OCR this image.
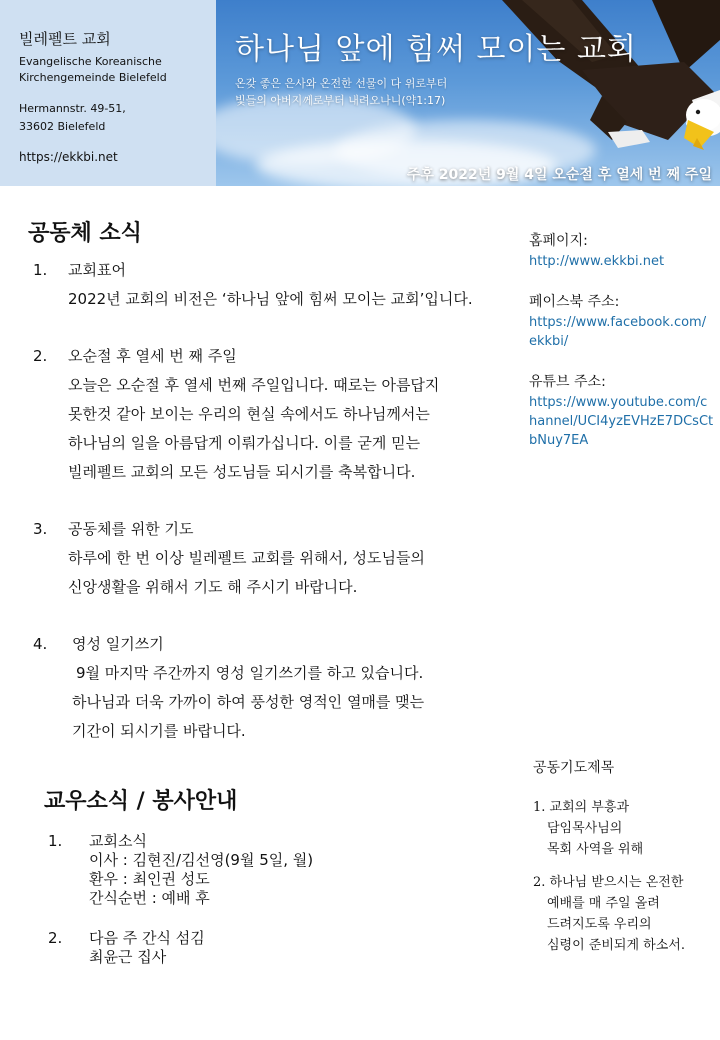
빌레펠트 교회
Evangelische Koreanische
Kirchengemeinde Bielefeld
Hermannstr. 49-51,
33602 Bielefeld
https://ekkbi.net
하나님 앞에 힘써 모이는 교회
온갖 좋은 은사와 온전한 선물이 다 위로부터
빛들의 아버지께로부터 내려오나니(약1:17)
주후 2022년 9월 4일 오순절 후 열세 번 째 주일
공동체 소식
1. 교회표어
2022년 교회의 비전은 ‘하나님 앞에 힘써 모이는 교회’입니다.
2. 오순절 후 열세 번 째 주일
오늘은 오순절 후 열세 번째 주일입니다. 때로는 아름답지
못한것 같아 보이는 우리의 현실 속에서도 하나님께서는
하나님의 일을 아름답게 이뤄가십니다. 이를 굳게 믿는
빌레펠트 교회의 모든 성도님들 되시기를 축복합니다.
3. 공동체를 위한 기도
하루에 한 번 이상 빌레펠트 교회를 위해서, 성도님들의
신앙생활을 위해서 기도 해 주시기 바랍니다.
4. 영성 일기쓰기
9월 마지막 주간까지 영성 일기쓰기를 하고 있습니다.
하나님과 더욱 가까이 하여 풍성한 영적인 열매를 맺는
기간이 되시기를 바랍니다.
홈페이지:
http://www.ekkbi.net
페이스북 주소:
https://www.facebook.com/ekkbi/
유튜브 주소:
https://www.youtube.com/channel/UCI4yzEVHzE7DCsCtbNuy7EA
교우소식 / 봉사안내
1. 교회소식
이사 : 김현진/김선영(9월 5일, 월)
환우 : 최인권 성도
간식순번 : 예배 후
2. 다음 주 간식 섬김
최윤근 집사
공동기도제목
1. 교회의 부흥과
담임목사님의
목회 사역을 위해
2. 하나님 받으시는 온전한
예배를 매 주일 올려
드려지도록 우리의
심령이 준비되게 하소서.
